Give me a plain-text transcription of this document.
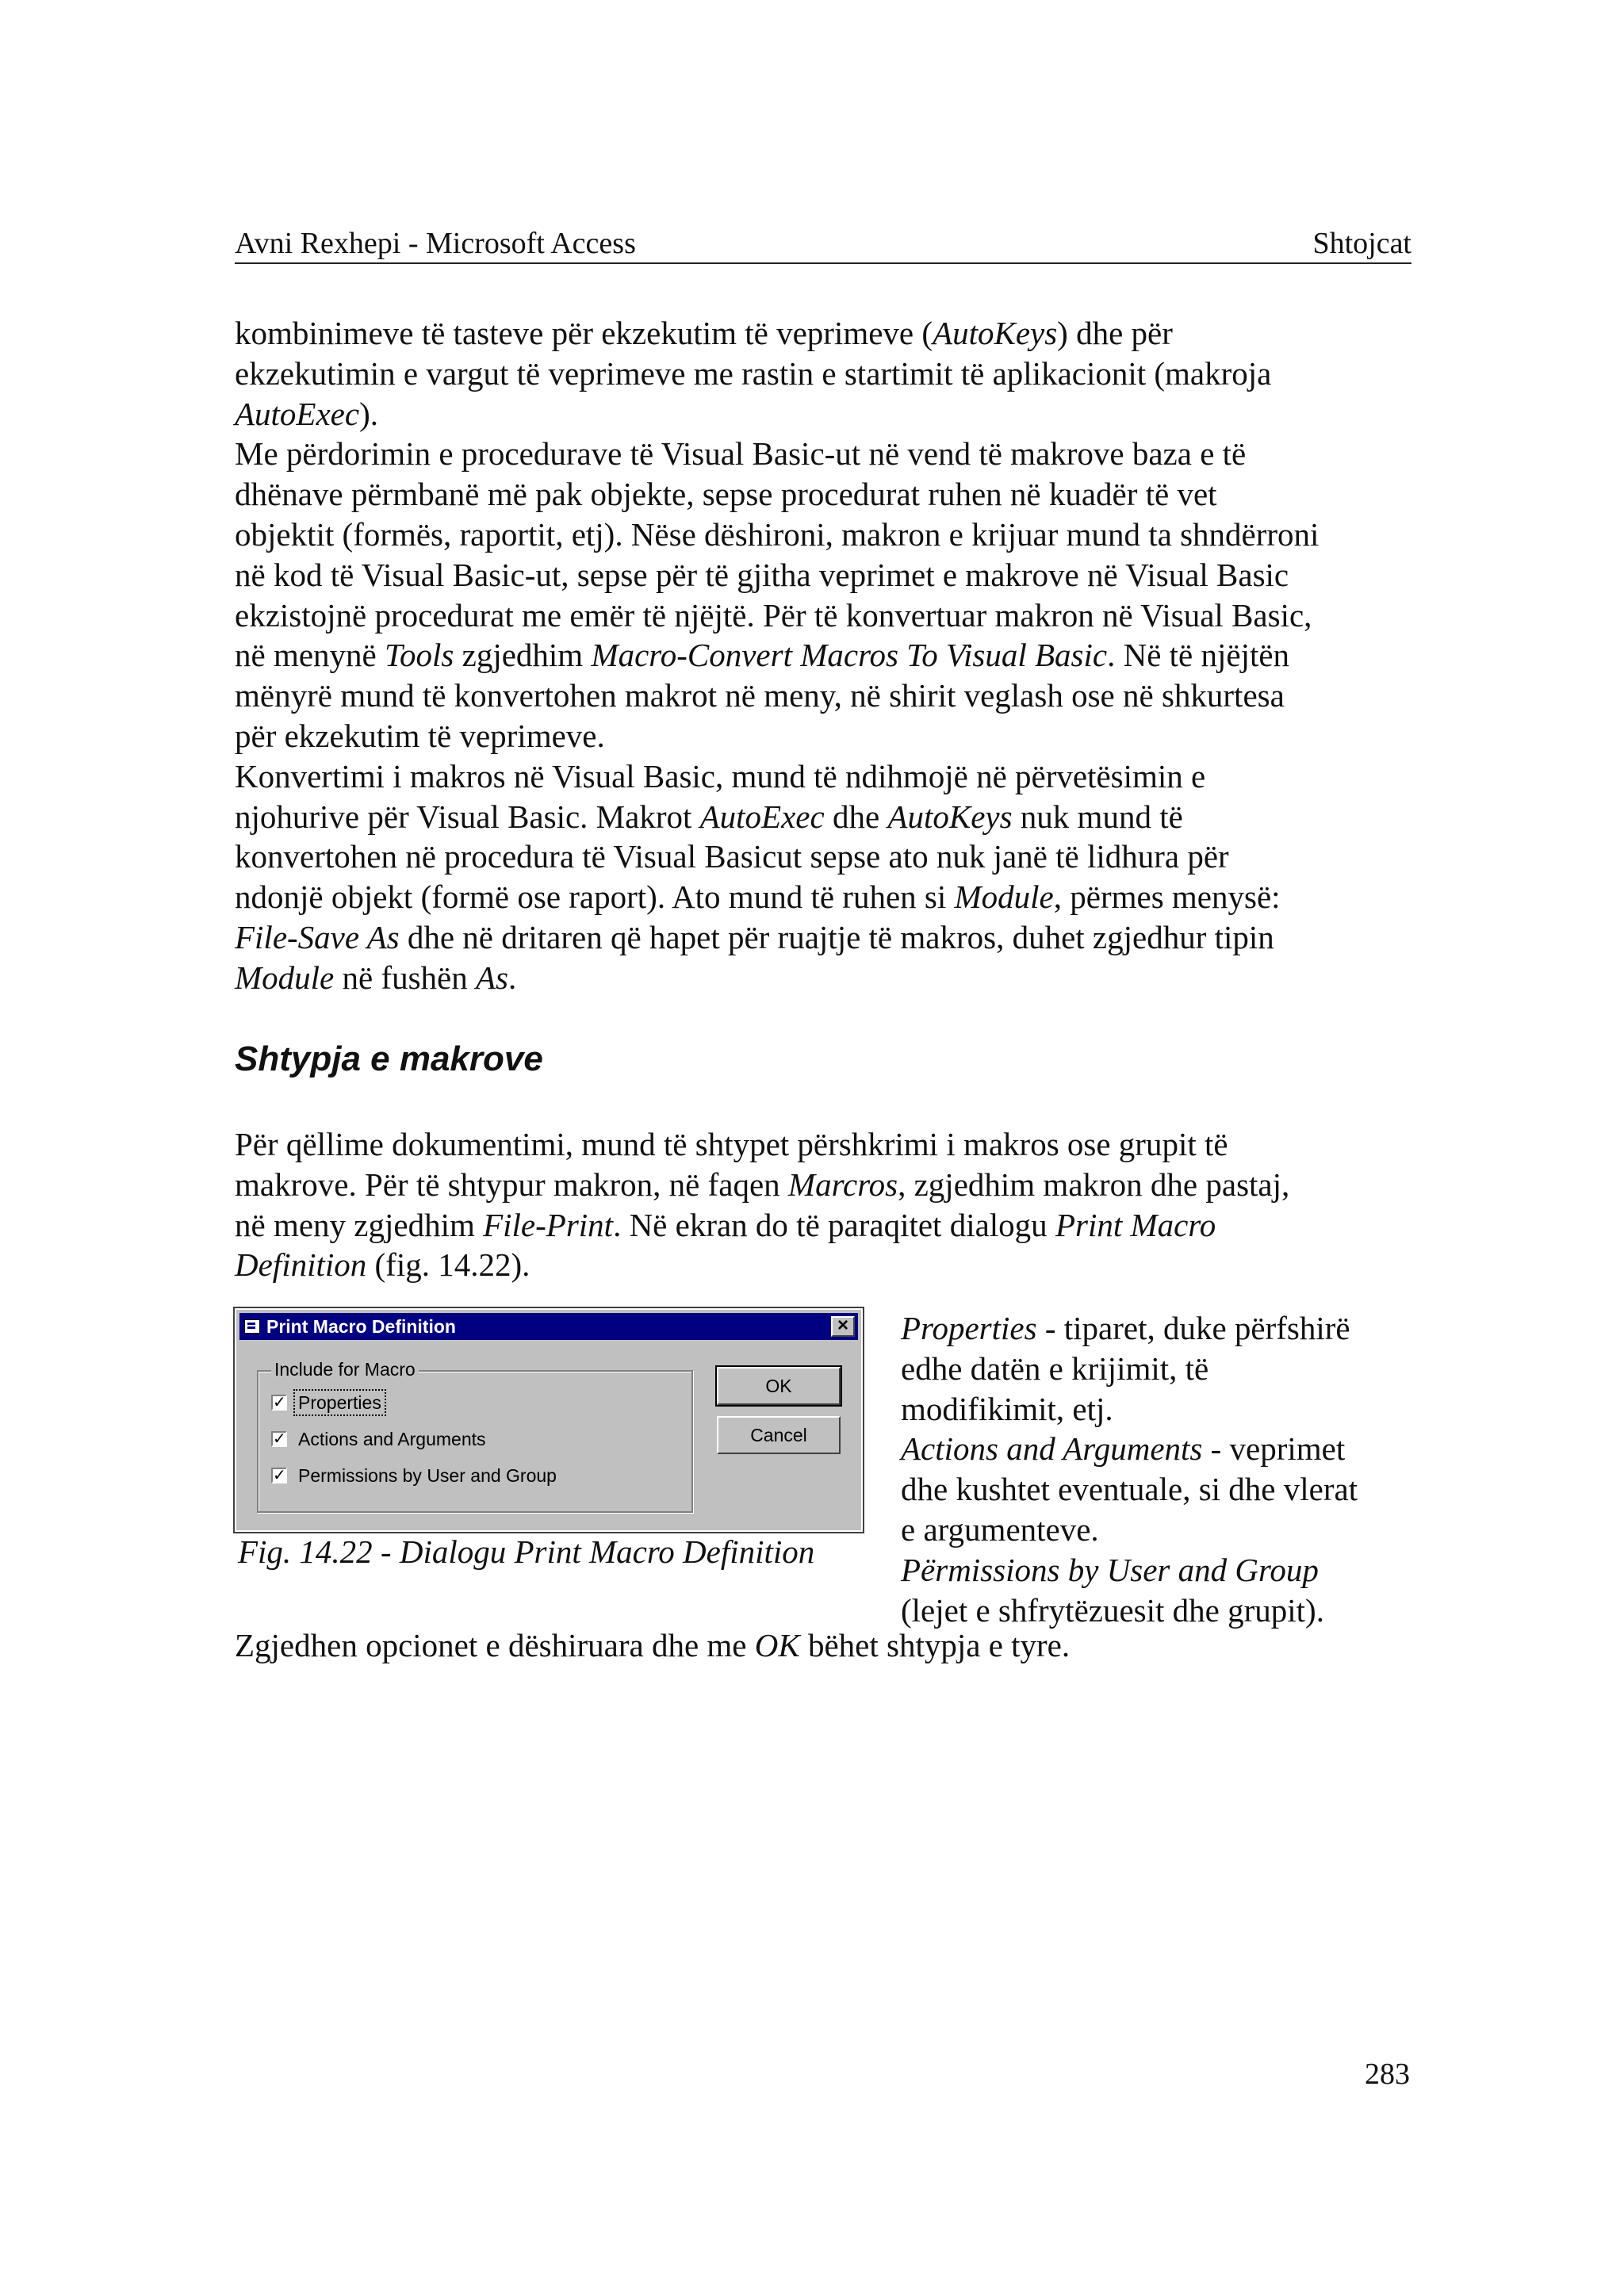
Avni Rexhepi - Microsoft Access	Shtojcat
kombinimeve të tasteve për ekzekutim të veprimeve (AutoKeys) dhe për
ekzekutimin e vargut të veprimeve me rastin e startimit të aplikacionit (makroja
AutoExec).
Me përdorimin e procedurave të Visual Basic-ut në vend të makrove baza e të
dhënave përmbanë më pak objekte, sepse procedurat ruhen në kuadër të vet
objektit (formës, raportit, etj). Nëse dëshironi, makron e krijuar mund ta shndërroni
në kod të Visual Basic-ut, sepse për të gjitha veprimet e makrove në Visual Basic
ekzistojnë procedurat me emër të njëjtë. Për të konvertuar makron në Visual Basic,
në menynë Tools zgjedhim Macro-Convert Macros To Visual Basic. Në të njëjtën
mënyrë mund të konvertohen makrot në meny, në shirit veglash ose në shkurtesa
për ekzekutim të veprimeve.
Konvertimi i makros në Visual Basic, mund të ndihmojë në përvetësimin e
njohurive për Visual Basic. Makrot AutoExec dhe AutoKeys nuk mund të
konvertohen në procedura të Visual Basicut sepse ato nuk janë të lidhura për
ndonjë objekt (formë ose raport). Ato mund të ruhen si Module, përmes menysë:
File-Save As dhe në dritaren që hapet për ruajtje të makros, duhet zgjedhur tipin
Module në fushën As.
Shtypja e makrove
Për qëllime dokumentimi, mund të shtypet përshkrimi i makros ose grupit të
makrove. Për të shtypur makron, në faqen Marcros, zgjedhim makron dhe pastaj,
në meny zgjedhim File-Print. Në ekran do të paraqitet dialogu Print Macro
Definition (fig. 14.22).
Print Macro Definition	×
Include for Macro
✓ Properties
✓ Actions and Arguments
✓ Permissions by User and Group
OK
Cancel
Fig. 14.22 - Dialogu Print Macro Definition
Properties - tiparet, duke përfshirë
edhe datën e krijimit, të
modifikimit, etj.
Actions and Arguments - veprimet
dhe kushtet eventuale, si dhe vlerat
e argumenteve.
Përmissions by User and Group
(lejet e shfrytëzuesit dhe grupit).
Zgjedhen opcionet e dëshiruara dhe me OK bëhet shtypja e tyre.
283
